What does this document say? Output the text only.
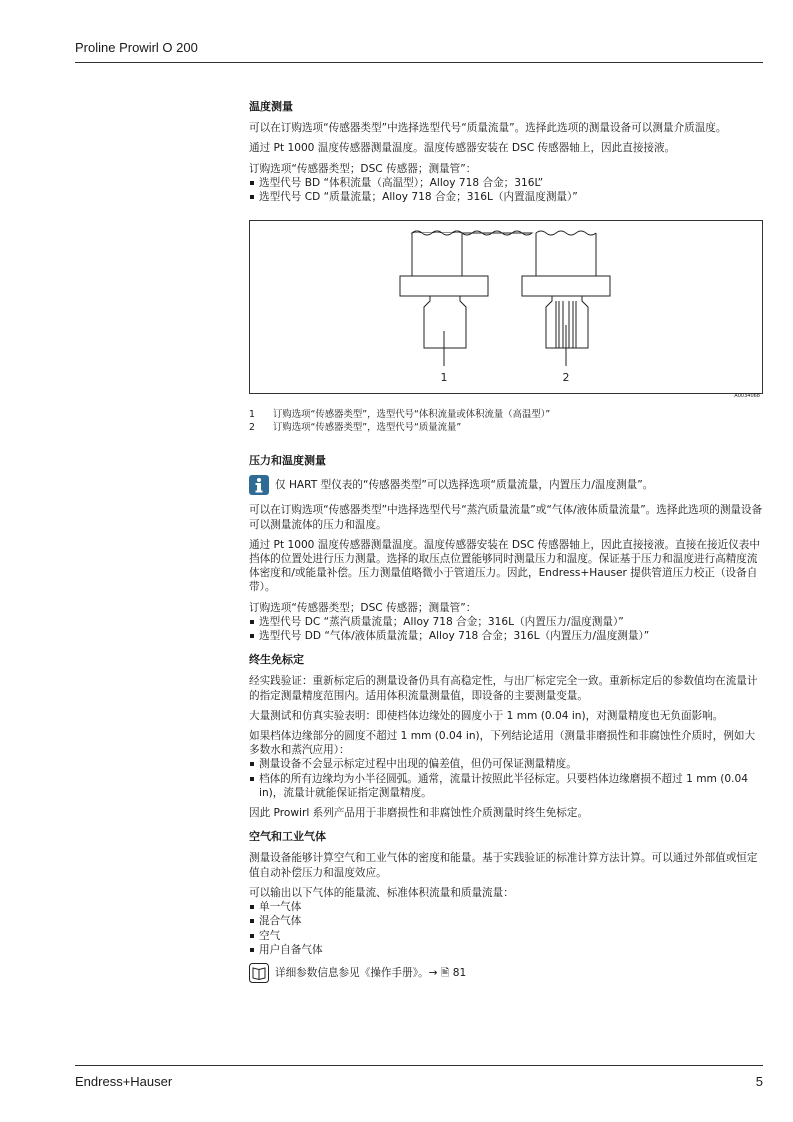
Proline Prowirl O 200
温度测量

可以在订购选项“传感器类型”中选择选型代号“质量流量”。选择此选项的测量设备可以测量介质温度。

通过 Pt 1000 温度传感器测量温度。温度传感器安装在 DSC 传感器轴上，因此直接接液。

订购选项“传感器类型；DSC 传感器；测量管”：

选型代号 BD “体积流量（高温型）；Alloy 718 合金；316L”
选型代号 CD “质量流量；Alloy 718 合金；316L（内置温度测量）”
1	2
A0034068
1	订购选项“传感器类型”，选型代号“体积流量或体积流量（高温型）”
2	订购选项“传感器类型”，选型代号“质量流量”
压力和温度测量
仅 HART 型仪表的“传感器类型”可以选择选项“质量流量，内置压力/温度测量”。

可以在订购选项“传感器类型”中选择选型代号“蒸汽质量流量”或“气体/液体质量流量”。选择此选项的测量设备可以测量流体的压力和温度。

通过 Pt 1000 温度传感器测量温度。温度传感器安装在 DSC 传感器轴上，因此直接接液。直接在接近仪表中挡体的位置处进行压力测量。选择的取压点位置能够同时测量压力和温度。保证基于压力和温度进行高精度流体密度和/或能量补偿。压力测量值略微小于管道压力。因此，Endress+Hauser 提供管道压力校正（设备自带）。

订购选项“传感器类型；DSC 传感器；测量管”：

选型代号 DC “蒸汽质量流量；Alloy 718 合金；316L（内置压力/温度测量）”
选型代号 DD “气体/液体质量流量；Alloy 718 合金；316L（内置压力/温度测量）”
终生免标定

经实践验证：重新标定后的测量设备仍具有高稳定性，与出厂标定完全一致。重新标定后的参数值均在流量计的指定测量精度范围内。适用体积流量测量值，即设备的主要测量变量。

大量测试和仿真实验表明：即使档体边缘处的圆度小于 1 mm (0.04 in)，对测量精度也无负面影响。

如果档体边缘部分的圆度不超过 1 mm (0.04 in)，下列结论适用（测量非磨损性和非腐蚀性介质时，例如大多数水和蒸汽应用）：

测量设备不会显示标定过程中出现的偏差值，但仍可保证测量精度。
档体的所有边缘均为小半径圆弧。通常，流量计按照此半径标定。只要档体边缘磨损不超过 1 mm (0.04 in)，流量计就能保证指定测量精度。

因此 Prowirl 系列产品用于非磨损性和非腐蚀性介质测量时终生免标定。

空气和工业气体

测量设备能够计算空气和工业气体的密度和能量。基于实践验证的标准计算方法计算。可以通过外部值或恒定值自动补偿压力和温度效应。

可以输出以下气体的能量流、标准体积流量和质量流量：

单一气体
混合气体
空气
用户自备气体
详细参数信息参见《操作手册》。→ 🖹 81
Endress+Hauser	5
